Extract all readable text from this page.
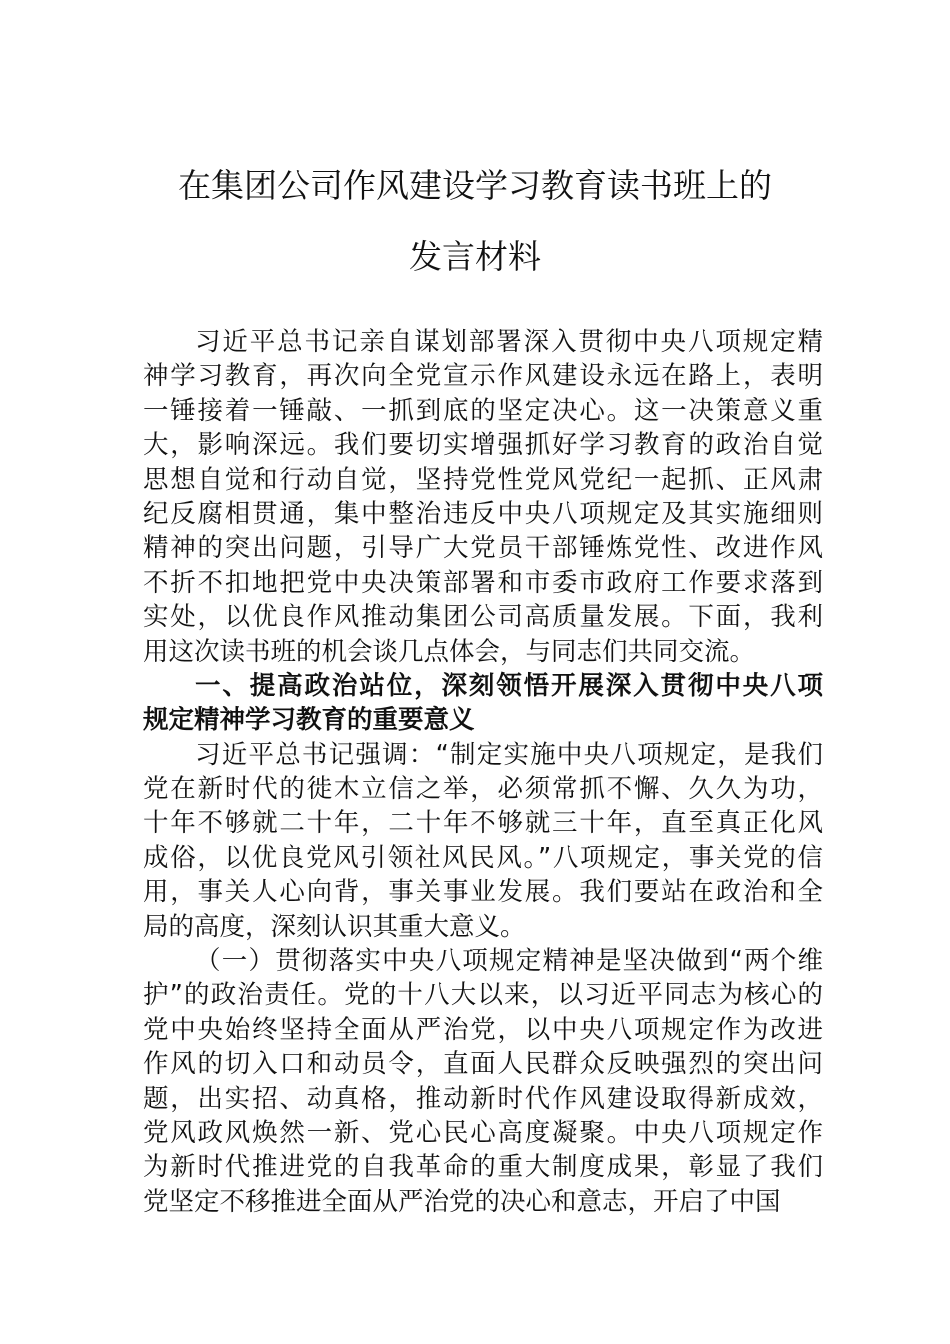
在集团公司作风建设学习教育读书班上的
发言材料
习近平总书记亲自谋划部署深入贯彻中央八项规定精
神学习教育，再次向全党宣示作风建设永远在路上，表明
一锤接着一锤敲、一抓到底的坚定决心。这一决策意义重
大，影响深远。我们要切实增强抓好学习教育的政治自觉
思想自觉和行动自觉，坚持党性党风党纪一起抓、正风肃
纪反腐相贯通，集中整治违反中央八项规定及其实施细则
精神的突出问题，引导广大党员干部锤炼党性、改进作风
不折不扣地把党中央决策部署和市委市政府工作要求落到
实处，以优良作风推动集团公司高质量发展。下面，我利
用这次读书班的机会谈几点体会，与同志们共同交流。
一、提高政治站位，深刻领悟开展深入贯彻中央八项
规定精神学习教育的重要意义
习近平总书记强调：“制定实施中央八项规定，是我们
党在新时代的徙木立信之举，必须常抓不懈、久久为功，
十年不够就二十年，二十年不够就三十年，直至真正化风
成俗，以优良党风引领社风民风。”八项规定，事关党的信
用，事关人心向背，事关事业发展。我们要站在政治和全
局的高度，深刻认识其重大意义。
（一）贯彻落实中央八项规定精神是坚决做到“两个维
护”的政治责任。党的十八大以来，以习近平同志为核心的
党中央始终坚持全面从严治党，以中央八项规定作为改进
作风的切入口和动员令，直面人民群众反映强烈的突出问
题，出实招、动真格，推动新时代作风建设取得新成效，
党风政风焕然一新、党心民心高度凝聚。中央八项规定作
为新时代推进党的自我革命的重大制度成果，彰显了我们
党坚定不移推进全面从严治党的决心和意志，开启了中国
